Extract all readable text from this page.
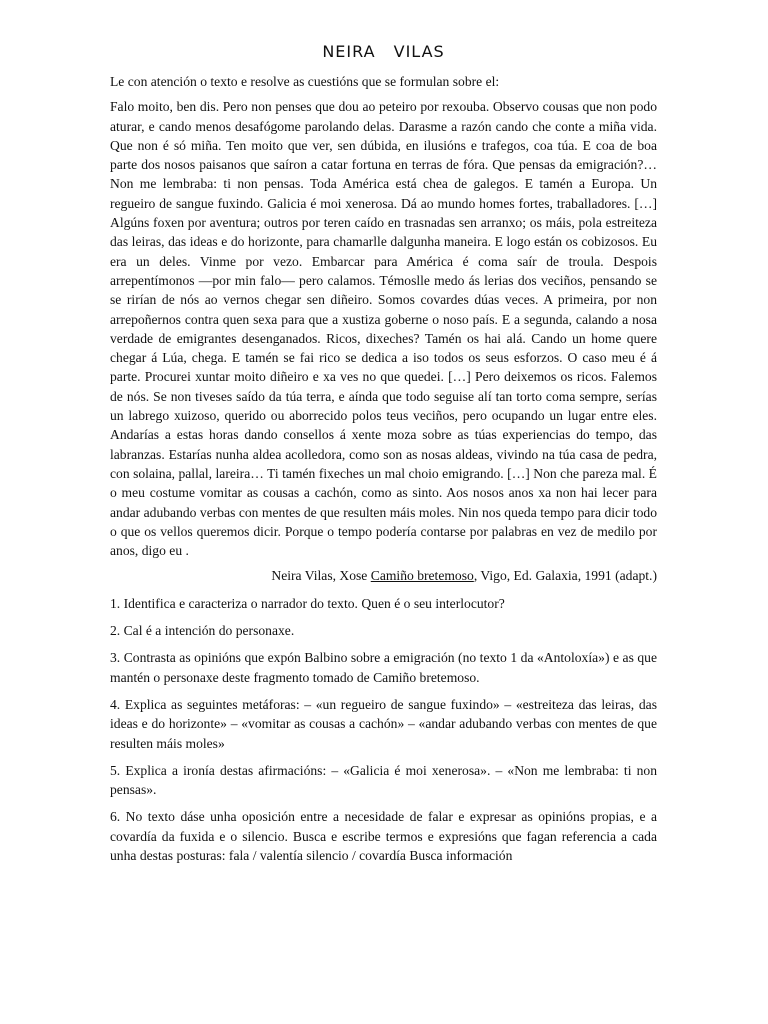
NEIRA VILAS

Le con atención o texto e resolve as cuestións que se formulan sobre el:

Falo moito, ben dis. Pero non penses que dou ao peteiro por rexouba. Observo cousas que non podo aturar, e cando menos desafógome parolando delas. Darasme a razón cando che conte a miña vida. Que non é só miña. Ten moito que ver, sen dúbida, en ilusións e trafegos, coa túa. E coa de boa parte dos nosos paisanos que saíron a catar fortuna en terras de fóra. Que pensas da emigración?… Non me lembraba: ti non pensas. Toda América está chea de galegos. E tamén a Europa. Un regueiro de sangue fuxindo. Galicia é moi xenerosa. Dá ao mundo homes fortes, traballadores. […] Algúns foxen por aventura; outros por teren caído en trasnadas sen arranxo; os máis, pola estreiteza das leiras, das ideas e do horizonte, para chamarlle dalgunha maneira. E logo están os cobizosos. Eu era un deles. Vinme por vezo. Embarcar para América é coma saír de troula. Despois arrepentímonos —por min falo— pero calamos. Témoslle medo ás lerias dos veciños, pensando se se rirían de nós ao vernos chegar sen diñeiro. Somos covardes dúas veces. A primeira, por non arrepoñernos contra quen sexa para que a xustiza goberne o noso país. E a segunda, calando a nosa verdade de emigrantes desenganados. Ricos, dixeches? Tamén os hai alá. Cando un home quere chegar á Lúa, chega. E tamén se fai rico se dedica a iso todos os seus esforzos. O caso meu é á parte. Procurei xuntar moito diñeiro e xa ves no que quedei. […] Pero deixemos os ricos. Falemos de nós. Se non tiveses saído da túa terra, e aínda que todo seguise alí tan torto coma sempre, serías un labrego xuizoso, querido ou aborrecido polos teus veciños, pero ocupando un lugar entre eles. Andarías a estas horas dando consellos á xente moza sobre as túas experiencias do tempo, das labranzas. Estarías nunha aldea acolledora, como son as nosas aldeas, vivindo na túa casa de pedra, con solaina, pallal, lareira… Ti tamén fixeches un mal choio emigrando. […] Non che pareza mal. É o meu costume vomitar as cousas a cachón, como as sinto. Aos nosos anos xa non hai lecer para andar adubando verbas con mentes de que resulten máis moles. Nin nos queda tempo para dicir todo o que os vellos queremos dicir. Porque o tempo podería contarse por palabras en vez de medilo por anos, digo eu .

Neira Vilas, Xose Camiño bretemoso, Vigo, Ed. Galaxia, 1991 (adapt.)

1. Identifica e caracteriza o narrador do texto. Quen é o seu interlocutor?

2. Cal é a intención do personaxe.

3. Contrasta as opinións que expón Balbino sobre a emigración (no texto 1 da «Antoloxía») e as que mantén o personaxe deste fragmento tomado de Camiño bretemoso.

4. Explica as seguintes metáforas: – «un regueiro de sangue fuxindo» – «estreiteza das leiras, das ideas e do horizonte» – «vomitar as cousas a cachón» – «andar adubando verbas con mentes de que resulten máis moles»

5. Explica a ironía destas afirmacións: – «Galicia é moi xenerosa». – «Non me lembraba: ti non pensas».

6. No texto dáse unha oposición entre a necesidade de falar e expresar as opinións propias, e a covardía da fuxida e o silencio. Busca e escribe termos e expresións que fagan referencia a cada unha destas posturas: fala / valentía silencio / covardía Busca información
